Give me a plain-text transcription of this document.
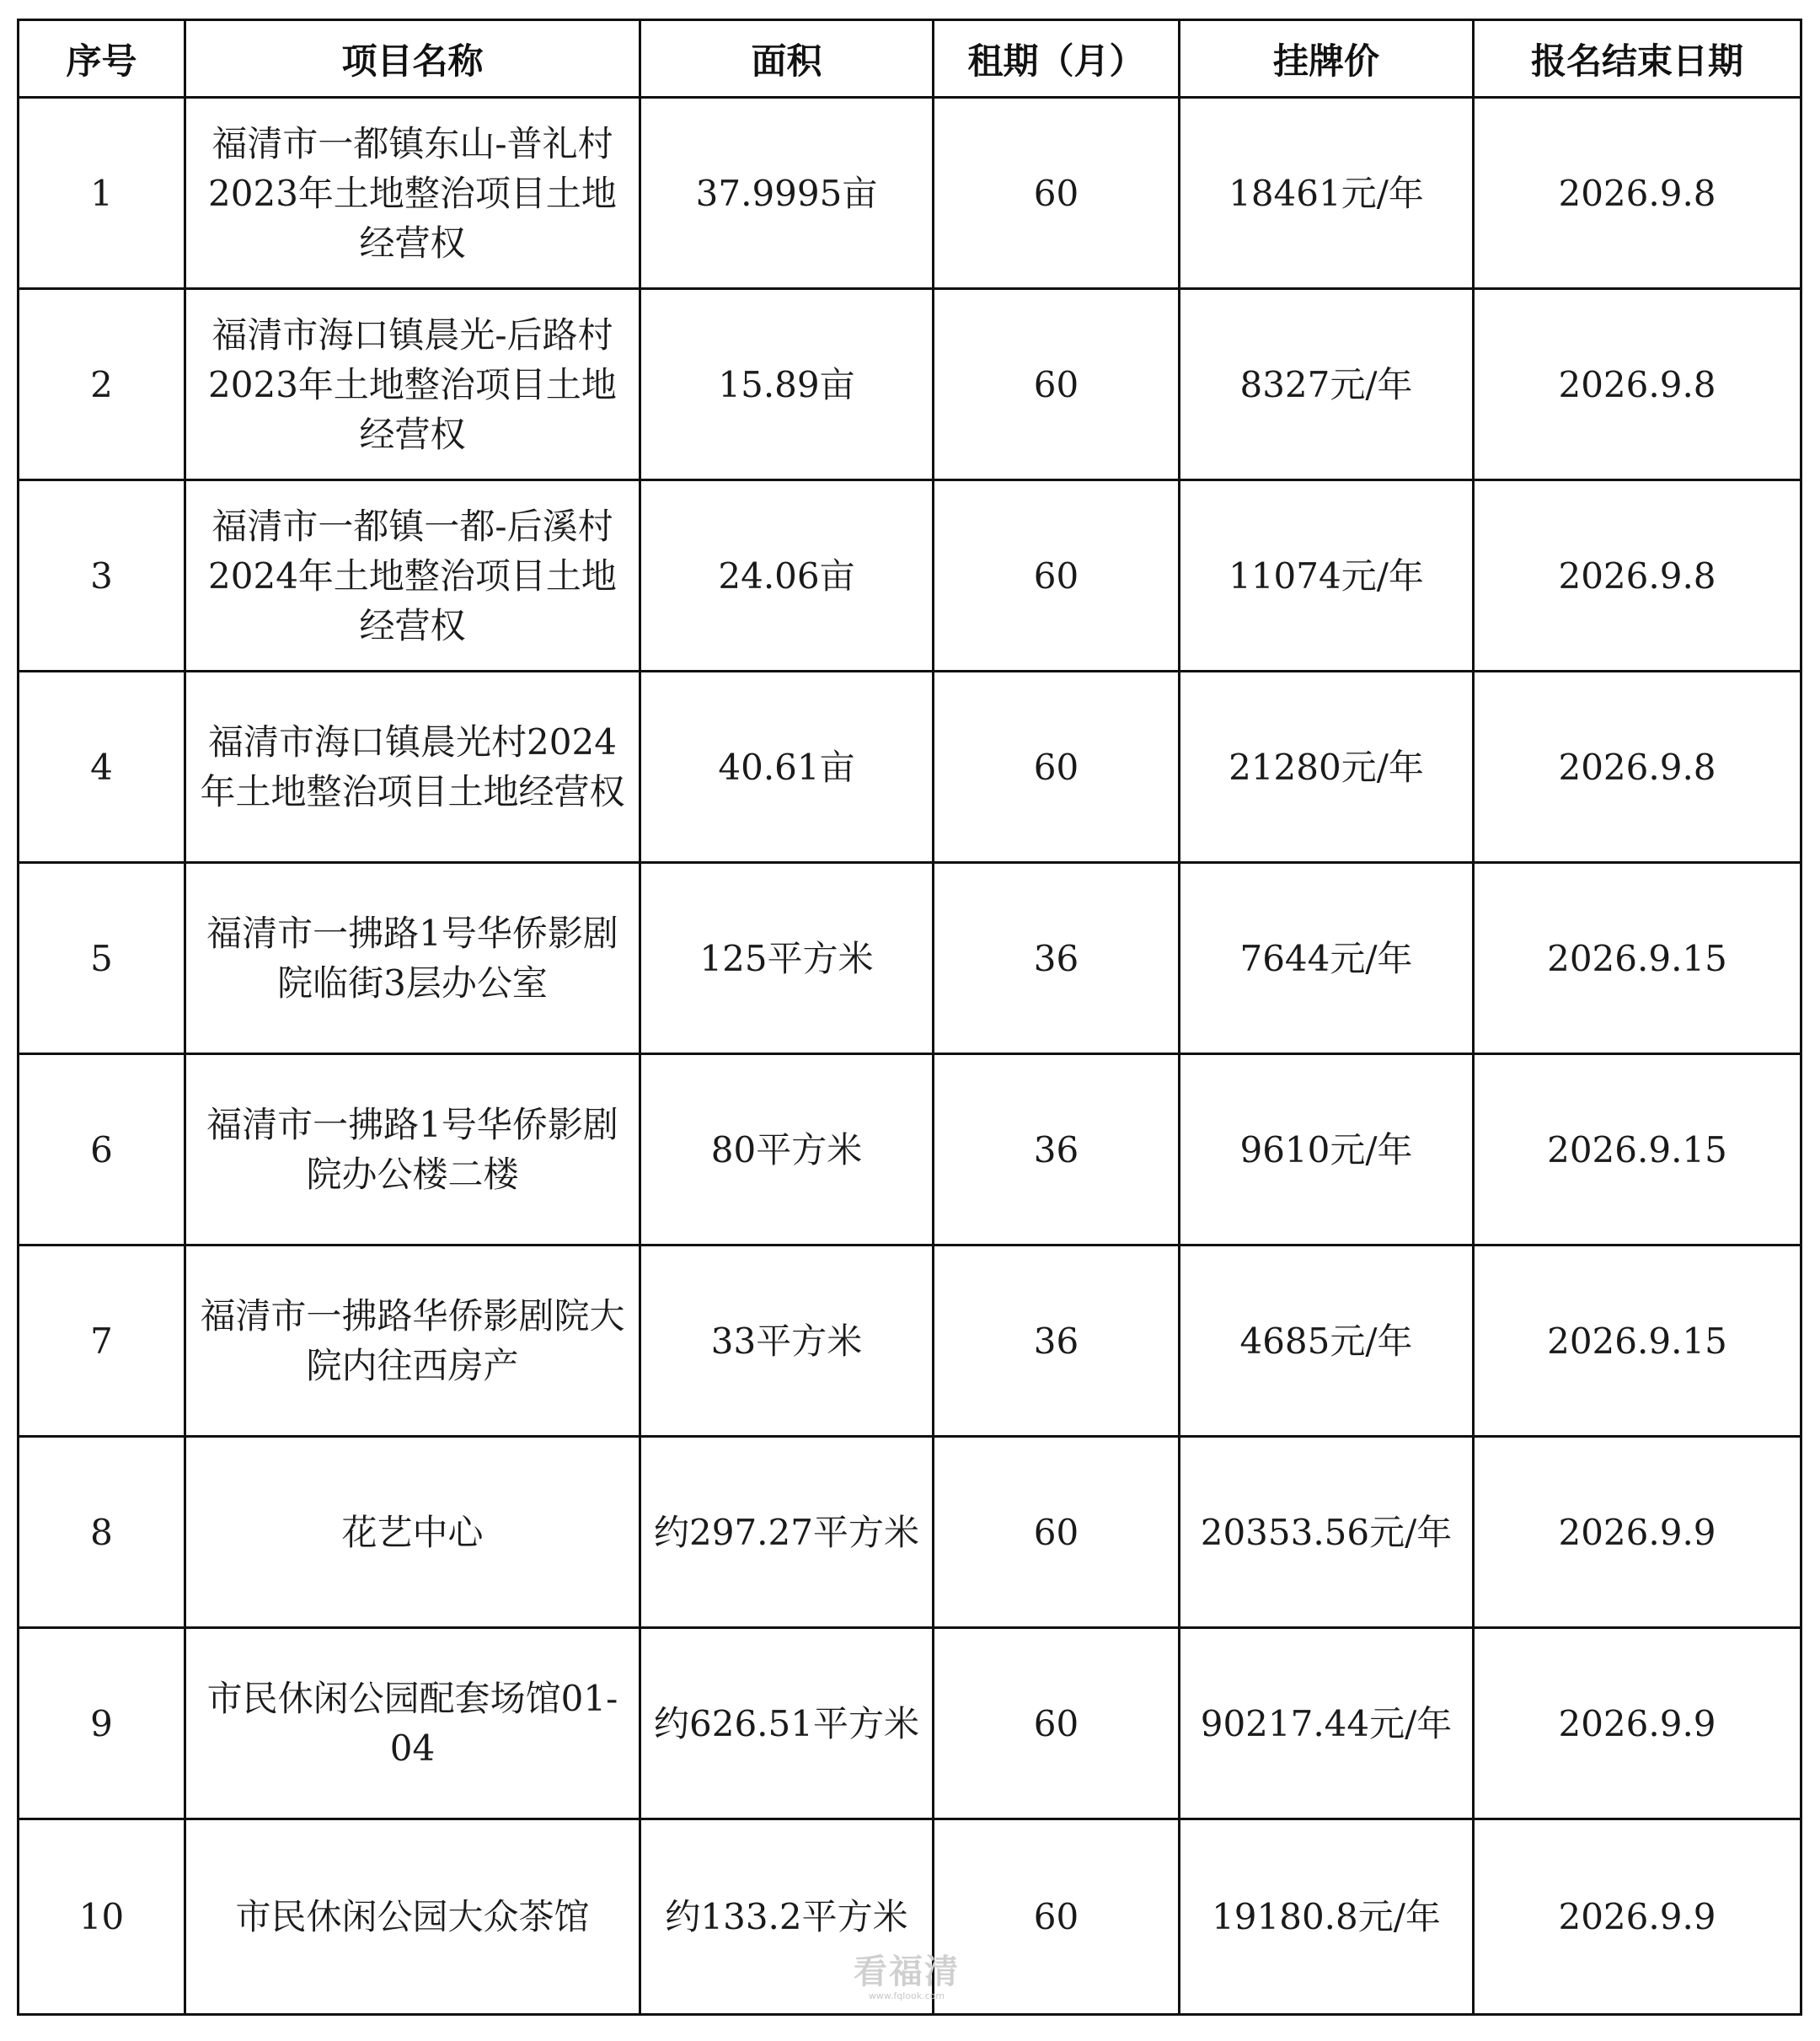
序号	项目名称	面积	租期（月）	挂牌价	报名结束日期
1	福清市一都镇东山-普礼村2023年土地整治项目土地经营权	37.9995亩	60	18461元/年	2026.9.8
2	福清市海口镇晨光-后路村2023年土地整治项目土地经营权	15.89亩	60	8327元/年	2026.9.8
3	福清市一都镇一都-后溪村2024年土地整治项目土地经营权	24.06亩	60	11074元/年	2026.9.8
4	福清市海口镇晨光村2024年土地整治项目土地经营权	40.61亩	60	21280元/年	2026.9.8
5	福清市一拂路1号华侨影剧院临街3层办公室	125平方米	36	7644元/年	2026.9.15
6	福清市一拂路1号华侨影剧院办公楼二楼	80平方米	36	9610元/年	2026.9.15
7	福清市一拂路华侨影剧院大院内往西房产	33平方米	36	4685元/年	2026.9.15
8	花艺中心	约297.27平方米	60	20353.56元/年	2026.9.9
9	市民休闲公园配套场馆01-04	约626.51平方米	60	90217.44元/年	2026.9.9
10	市民休闲公园大众茶馆	约133.2平方米	60	19180.8元/年	2026.9.9
看福清
www.fqlook.com
